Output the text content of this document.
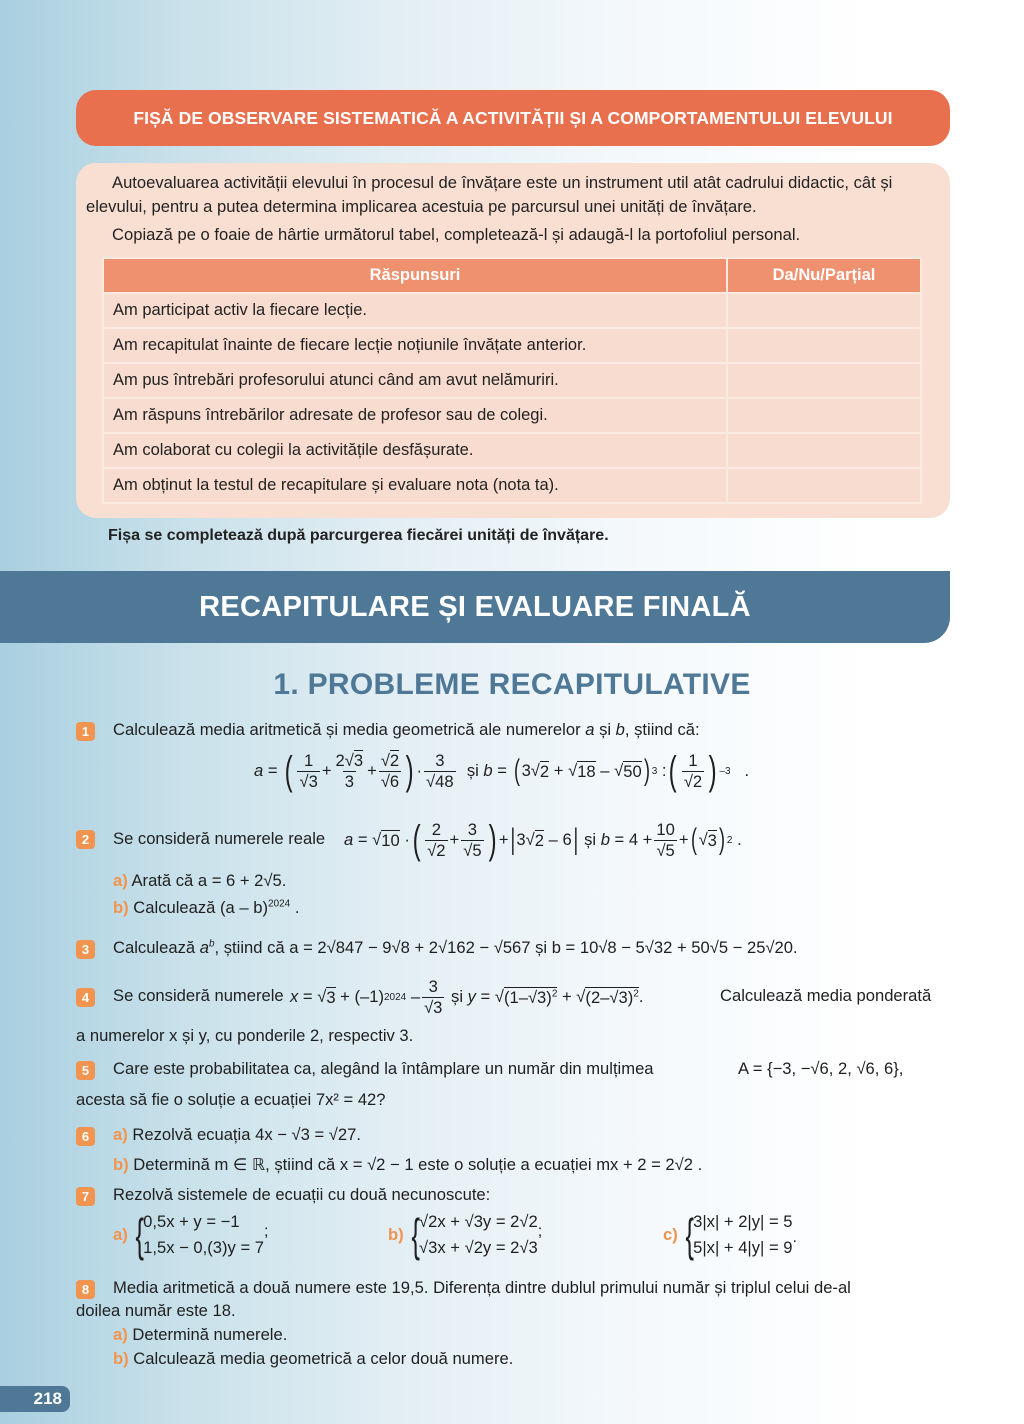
FIȘĂ DE OBSERVARE SISTEMATICĂ A ACTIVITĂȚII ȘI A COMPORTAMENTULUI ELEVULUI

Autoevaluarea activității elevului în procesul de învățare este un instrument util atât cadrului didactic, cât și elevului, pentru a putea determina implicarea acestuia pe parcursul unei unități de învățare.

Copiază pe o foaie de hârtie următorul tabel, completează-l și adaugă-l la portofoliul personal.

Răspunsuri	Da/Nu/Parțial
Am participat activ la fiecare lecție.	
Am recapitulat înainte de fiecare lecție noțiunile învățate anterior.	
Am pus întrebări profesorului atunci când am avut nelămuriri.	
Am răspuns întrebărilor adresate de profesor sau de colegi.	
Am colaborat cu colegii la activitățile desfășurate.	
Am obținut la testul de recapitulare și evaluare nota (nota ta).	
Fișa se completează după parcurgerea fiecărei unități de învățare.
RECAPITULARE ȘI EVALUARE FINALĂ
1. PROBLEME RECAPITULATIVE
1	Calculează media aritmetică și media geometrică ale numerelor a și b, știind că:
a = ( $\frac{1}{√3} + \frac{2√3}{3} + \frac{√2}{√6}$ ) · $\frac{3}{√48}$ și b = ( 3√ 2 + √ 18 – √ 50 ) 3 : ( $\frac{1}{√2}$ ) –3 .
2	Se consideră numerele reale a = √ 10 · ( $\frac{2}{√2} + \frac{3}{√5}$ ) + | 3√ 2 – 6 | și $b = 4 + \frac{10}{√5}$ + ( √ 3 ) 2 .
a) Arată că a = 6 + 2√5.
b) Calculează (a – b)$^{2024}$ .
3	Calculează $a^b$, știind că a = 2√847 − 9√8 + 2√162 − √567 și b = 10√8 − 5√32 + 50√5 − 25√20.
4	Se consideră numerele x = √ 3 + (–1) $2024 - \frac{3}{√3}$ și y = √ $(1-√3)^2$ + √ $(2-√3)^2$ .	Calculează media ponderată
a numerelor x și y, cu ponderile 2, respectiv 3.
5	Care este probabilitatea ca, alegând la întâmplare un număr din mulțimea	A = {−3, −√6, 2, √6, 6},
acesta să fie o soluție a ecuației 7x² = 42?
6	a) Rezolvă ecuația 4x − √3 = √27.
b) Determină m ∈ ℝ, știind că x = √2 − 1 este o soluție a ecuației mx + 2 = 2√2 .
7	Rezolvă sistemele de ecuații cu două necunoscute:
a) { 0,5x + y = −1
1,5x − 0,(3)y = 7
;	b) { √2x + √3y = 2√2
√3x + √2y = 2√3
;	c) { 3|x| + 2|y| = 5
5|x| + 4|y| = 9
.
8	Media aritmetică a două numere este 19,5. Diferența dintre dublul primului număr și triplul celui de-al
doilea număr este 18.
a) Determină numerele.
b) Calculează media geometrică a celor două numere.
218
